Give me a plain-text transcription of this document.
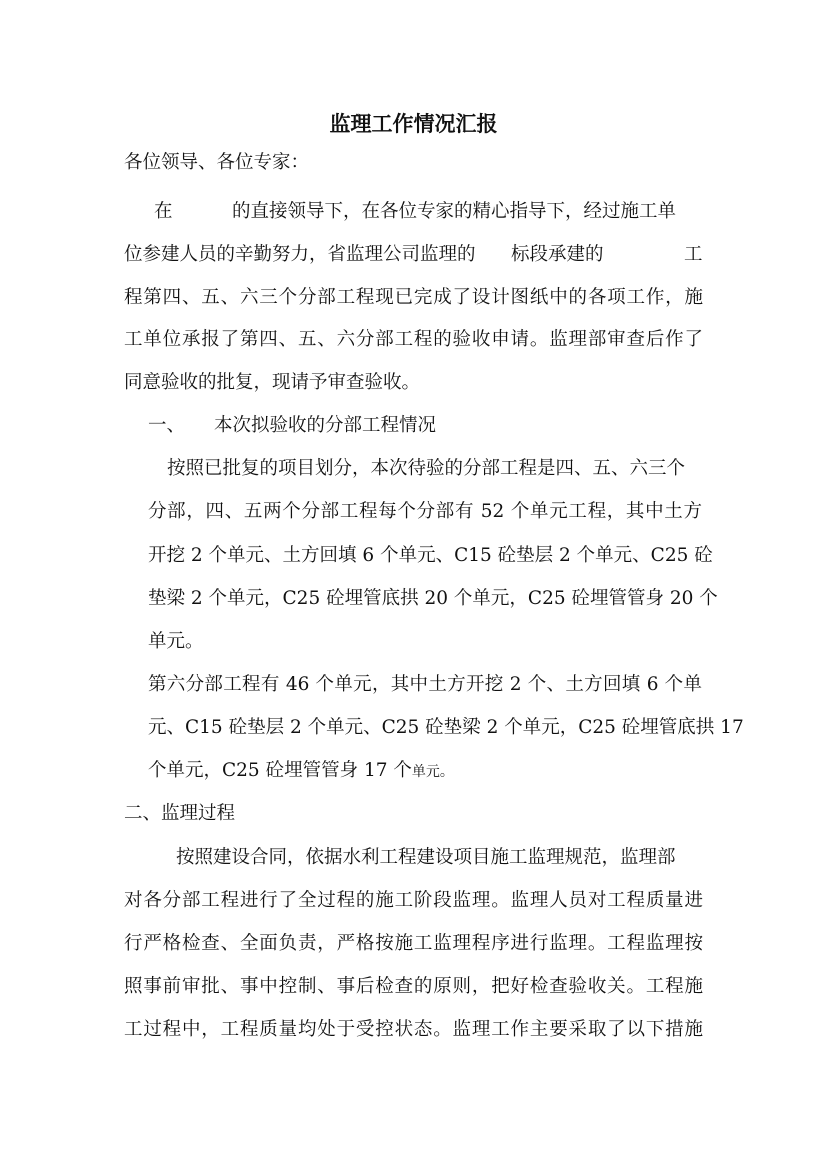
监理工作情况汇报

各位领导、各位专家：

在	的直接领导下，在各位专家的精心指导下，经过施工单

位参建人员的辛勤努力，省监理公司监理的 标段承建的	工

程第四、五、六三个分部工程现已完成了设计图纸中的各项工作，施

工单位承报了第四、五、六分部工程的验收申请。监理部审查后作了

同意验收的批复，现请予审查验收。

一、 本次拟验收的分部工程情况

按照已批复的项目划分，本次待验的分部工程是四、五、六三个

分部，四、五两个分部工程每个分部有 52 个单元工程，其中土方

开挖 2 个单元、土方回填 6 个单元、C15 砼垫层 2 个单元、C25 砼

垫梁 2 个单元，C25 砼埋管底拱 20 个单元，C25 砼埋管管身 20 个

单元。

第六分部工程有 46 个单元，其中土方开挖 2 个、土方回填 6 个单

元、C15 砼垫层 2 个单元、C25 砼垫梁 2 个单元，C25 砼埋管底拱 17

个单元，C25 砼埋管管身 17 个单元。

二、监理过程

按照建设合同，依据水利工程建设项目施工监理规范，监理部

对各分部工程进行了全过程的施工阶段监理。监理人员对工程质量进

行严格检查、全面负责，严格按施工监理程序进行监理。工程监理按

照事前审批、事中控制、事后检查的原则，把好检查验收关。工程施

工过程中，工程质量均处于受控状态。监理工作主要采取了以下措施
